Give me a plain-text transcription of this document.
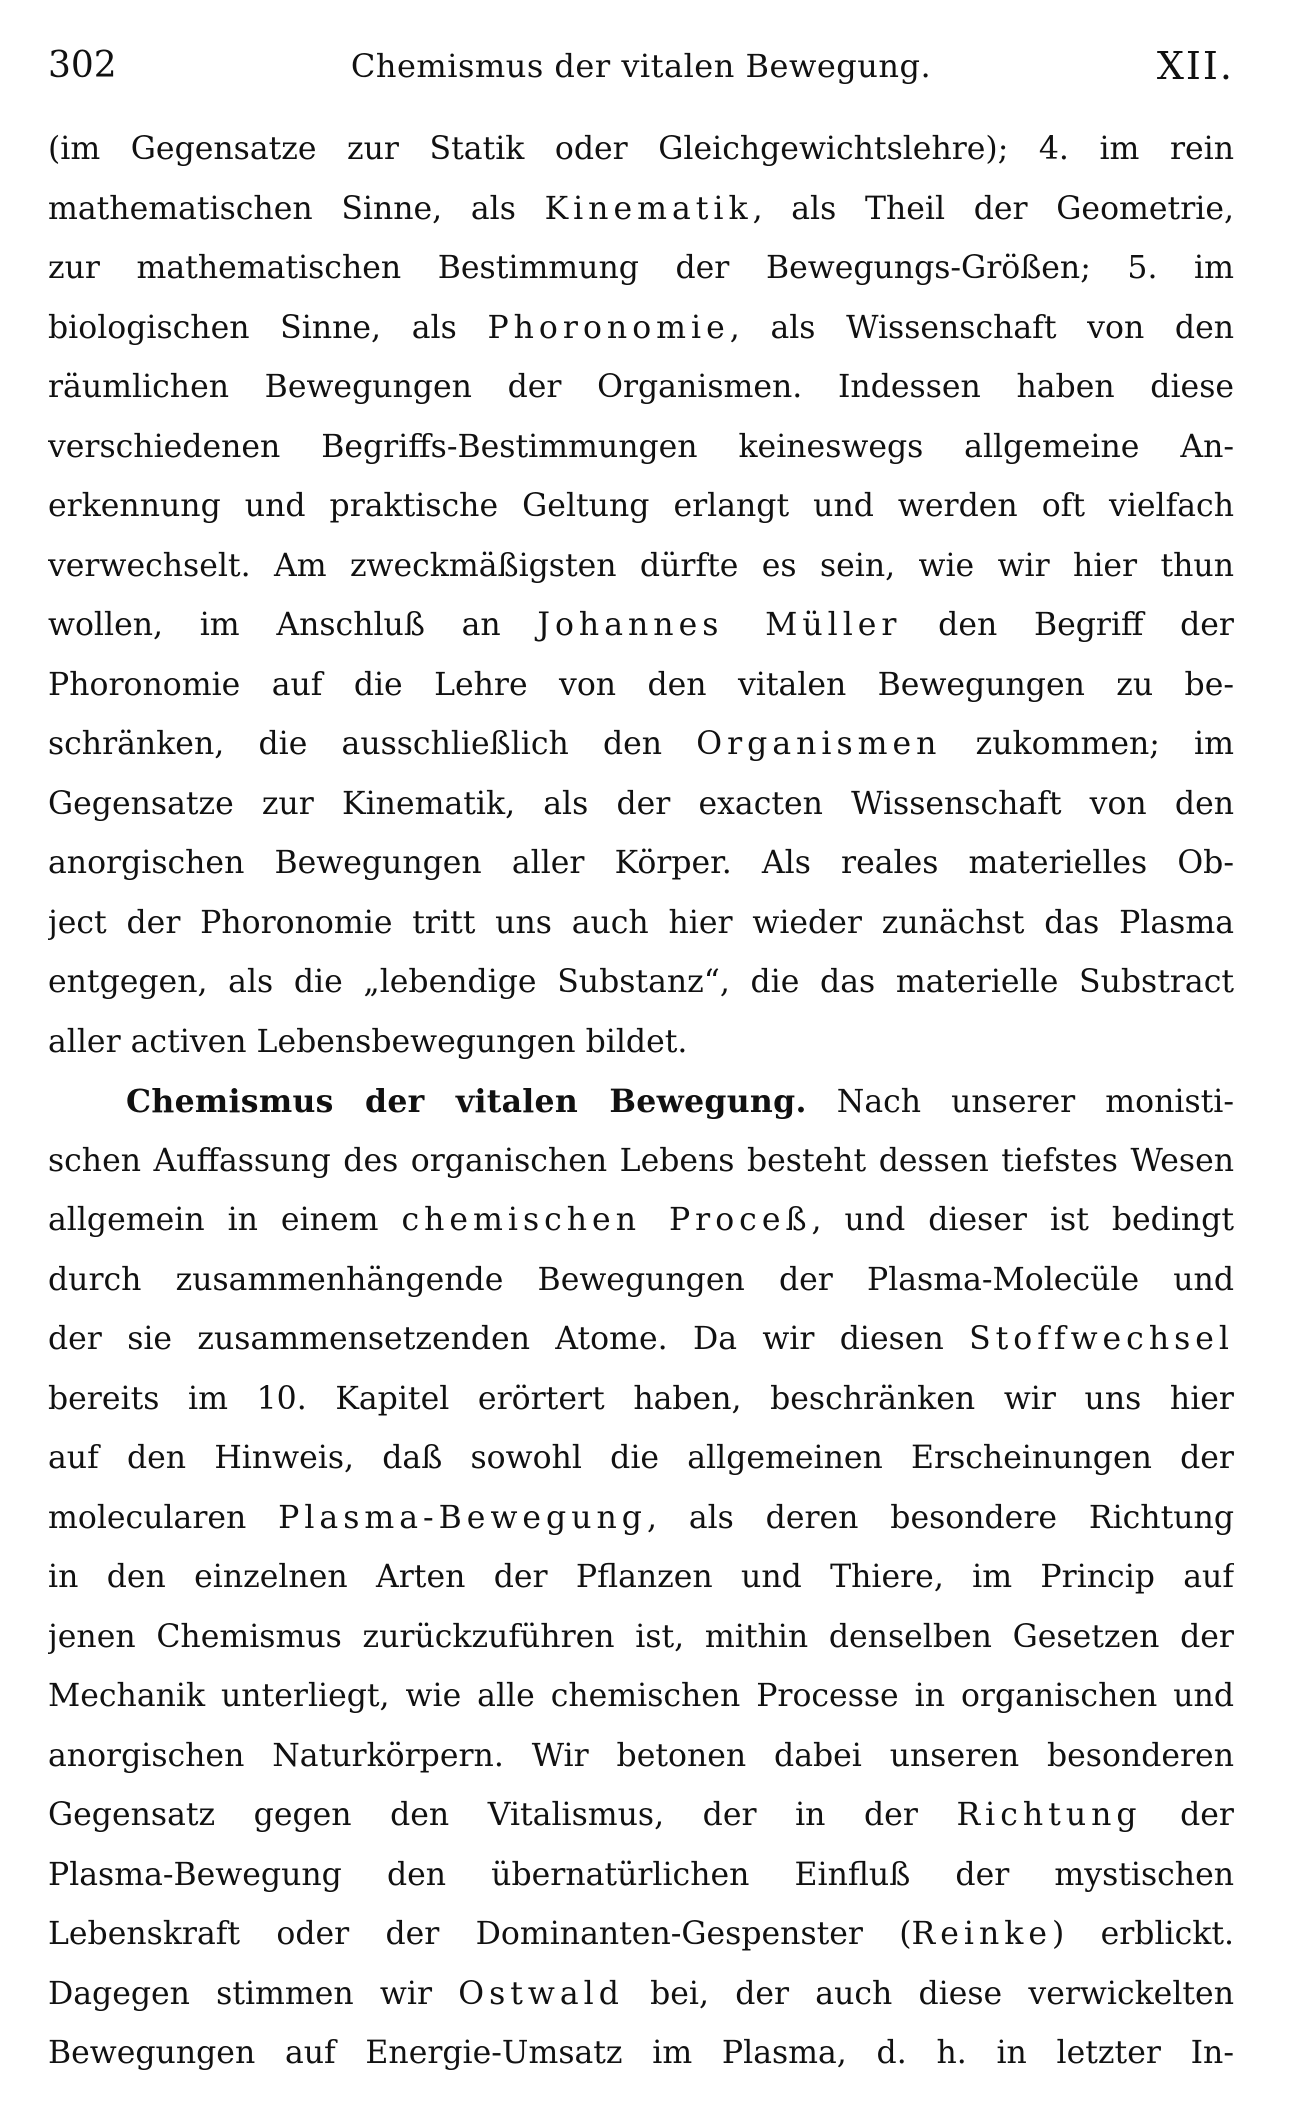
302	Chemismus der vitalen Bewegung.	XII.
(im Gegensatze zur Statik oder Gleichgewichtslehre); 4. im rein
mathematischen Sinne, als Kinematik, als Theil der Geometrie,
zur mathematischen Bestimmung der Bewegungs-Größen; 5. im
biologischen Sinne, als Phoronomie, als Wissenschaft von den
räumlichen Bewegungen der Organismen. Indessen haben diese
verschiedenen Begriffs-Bestimmungen keineswegs allgemeine An-
erkennung und praktische Geltung erlangt und werden oft vielfach
verwechselt. Am zweckmäßigsten dürfte es sein, wie wir hier thun
wollen, im Anschluß an Johannes Müller den Begriff der
Phoronomie auf die Lehre von den vitalen Bewegungen zu be-
schränken, die ausschließlich den Organismen zukommen; im
Gegensatze zur Kinematik, als der exacten Wissenschaft von den
anorgischen Bewegungen aller Körper. Als reales materielles Ob-
ject der Phoronomie tritt uns auch hier wieder zunächst das Plasma
entgegen, als die „lebendige Substanz“, die das materielle Substract
aller activen Lebensbewegungen bildet.
Chemismus der vitalen Bewegung. Nach unserer monisti-
schen Auffassung des organischen Lebens besteht dessen tiefstes Wesen
allgemein in einem chemischen Proceß, und dieser ist bedingt
durch zusammenhängende Bewegungen der Plasma-Molecüle und
der sie zusammensetzenden Atome. Da wir diesen Stoffwechsel
bereits im 10. Kapitel erörtert haben, beschränken wir uns hier
auf den Hinweis, daß sowohl die allgemeinen Erscheinungen der
molecularen Plasma-Bewegung, als deren besondere Richtung
in den einzelnen Arten der Pflanzen und Thiere, im Princip auf
jenen Chemismus zurückzuführen ist, mithin denselben Gesetzen der
Mechanik unterliegt, wie alle chemischen Processe in organischen und
anorgischen Naturkörpern. Wir betonen dabei unseren besonderen
Gegensatz gegen den Vitalismus, der in der Richtung der
Plasma-Bewegung den übernatürlichen Einfluß der mystischen
Lebenskraft oder der Dominanten-Gespenster (Reinke) erblickt.
Dagegen stimmen wir Ostwald bei, der auch diese verwickelten
Bewegungen auf Energie-Umsatz im Plasma, d. h. in letzter In-
